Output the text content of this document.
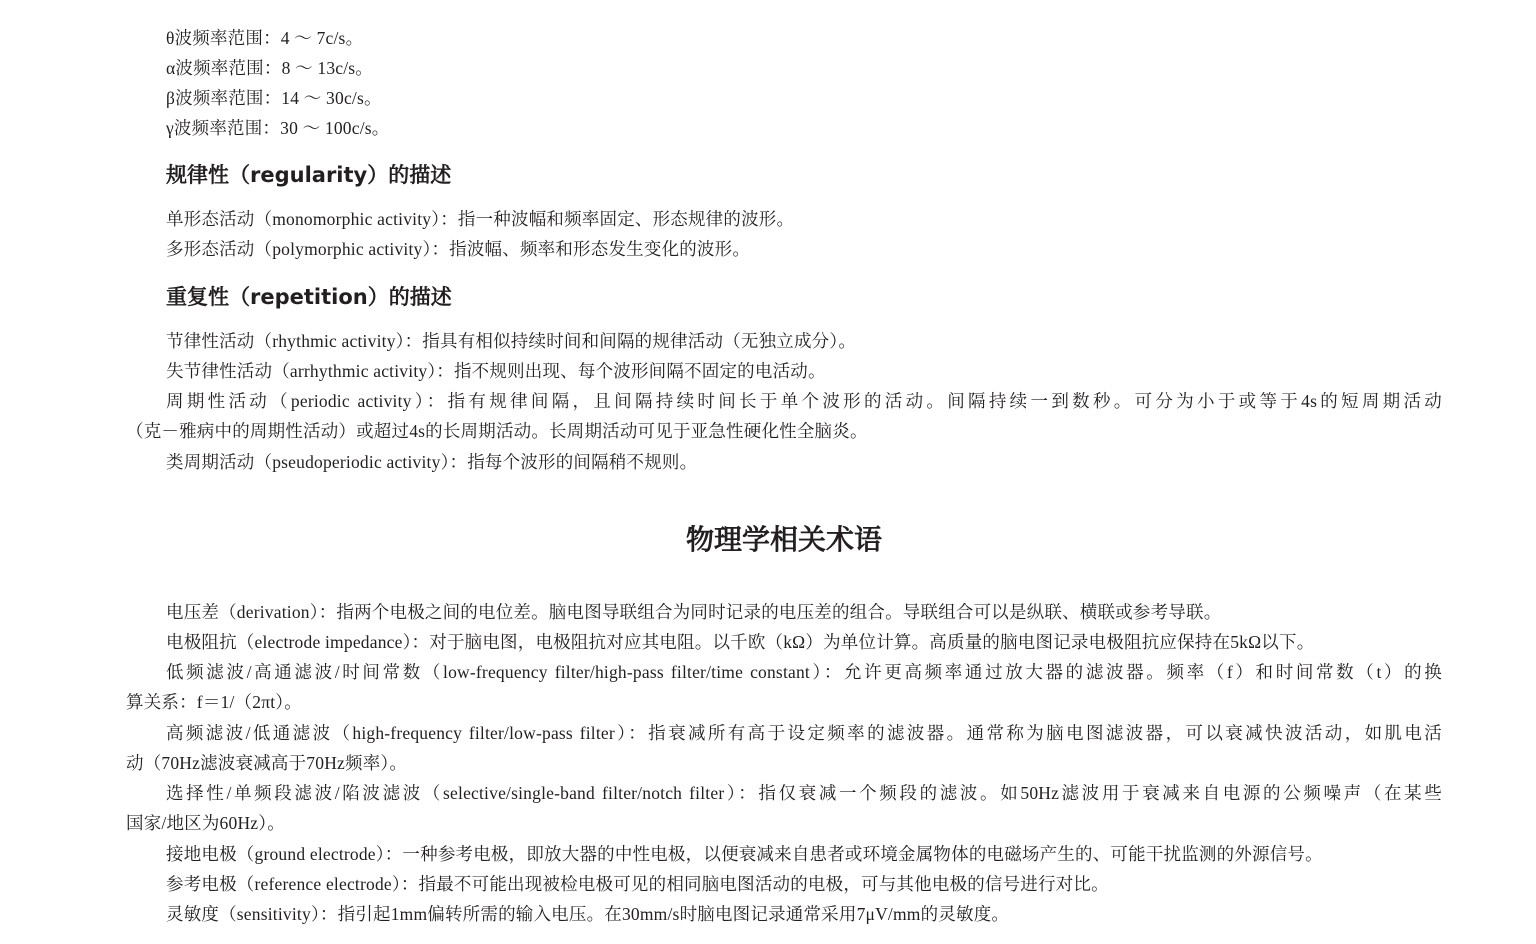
θ波频率范围：4 ～ 7c/s。
α波频率范围：8 ～ 13c/s。
β波频率范围：14 ～ 30c/s。
γ波频率范围：30 ～ 100c/s。
规律性（regularity）的描述
单形态活动（monomorphic activity）：指一种波幅和频率固定、形态规律的波形。
多形态活动（polymorphic activity）：指波幅、频率和形态发生变化的波形。
重复性（repetition）的描述
节律性活动（rhythmic activity）：指具有相似持续时间和间隔的规律活动（无独立成分）。
失节律性活动（arrhythmic activity）：指不规则出现、每个波形间隔不固定的电活动。
周期性活动（periodic activity）：指有规律间隔，且间隔持续时间长于单个波形的活动。间隔持续一到数秒。可分为小于或等于4s的短周期活动
（克－雅病中的周期性活动）或超过4s的长周期活动。长周期活动可见于亚急性硬化性全脑炎。
类周期活动（pseudoperiodic activity）：指每个波形的间隔稍不规则。
物理学相关术语
电压差（derivation）：指两个电极之间的电位差。脑电图导联组合为同时记录的电压差的组合。导联组合可以是纵联、横联或参考导联。
电极阻抗（electrode impedance）：对于脑电图，电极阻抗对应其电阻。以千欧（kΩ）为单位计算。高质量的脑电图记录电极阻抗应保持在5kΩ以下。
低频滤波/高通滤波/时间常数（low-frequency filter/high-pass filter/time constant）：允许更高频率通过放大器的滤波器。频率（f）和时间常数（t）的换
算关系：f＝1/（2πt）。
高频滤波/低通滤波（high-frequency filter/low-pass filter）：指衰减所有高于设定频率的滤波器。通常称为脑电图滤波器，可以衰减快波活动，如肌电活
动（70Hz滤波衰减高于70Hz频率）。
选择性/单频段滤波/陷波滤波（selective/single-band filter/notch filter）：指仅衰减一个频段的滤波。如50Hz滤波用于衰减来自电源的公频噪声（在某些
国家/地区为60Hz）。
接地电极（ground electrode）：一种参考电极，即放大器的中性电极，以便衰减来自患者或环境金属物体的电磁场产生的、可能干扰监测的外源信号。
参考电极（reference electrode）：指最不可能出现被检电极可见的相同脑电图活动的电极，可与其他电极的信号进行对比。
灵敏度（sensitivity）：指引起1mm偏转所需的输入电压。在30mm/s时脑电图记录通常采用7μV/mm的灵敏度。
